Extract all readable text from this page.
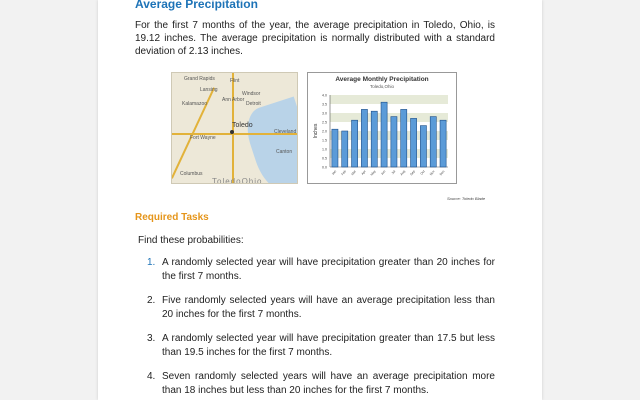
Average Precipitation

For the first 7 months of the year, the average precipitation in Toledo, Ohio, is 19.12 inches. The average precipitation is normally distributed with a standard deviation of 2.13 inches.

Grand Rapids	Flint
Lansing
Windsor
Kalamazoo
Ann Arbor
Detroit
Cleveland
Fort Wayne
Canton
Columbus
Toledo
ToledoOhio
Average Monthly Precipitation
Toledo,Ohio
0.0
0.5
1.0
1.5
2.0
2.5
3.0
3.5
4.0
Inches
Jan Feb Mar Apr May Jun Jul Aug Sep Oct Nov Dec
Source: Toledo Blade
Required Tasks

Find these probabilities:

1. A randomly selected year will have precipitation greater than 20 inches for the first 7 months.
2. Five randomly selected years will have an average precipitation less than 20 inches for the first 7 months.
3. A randomly selected year will have precipitation greater than 17.5 but less than 19.5 inches for the first 7 months.
4. Seven randomly selected years will have an average precipitation more than 18 inches but less than 20 inches for the first 7 months.
